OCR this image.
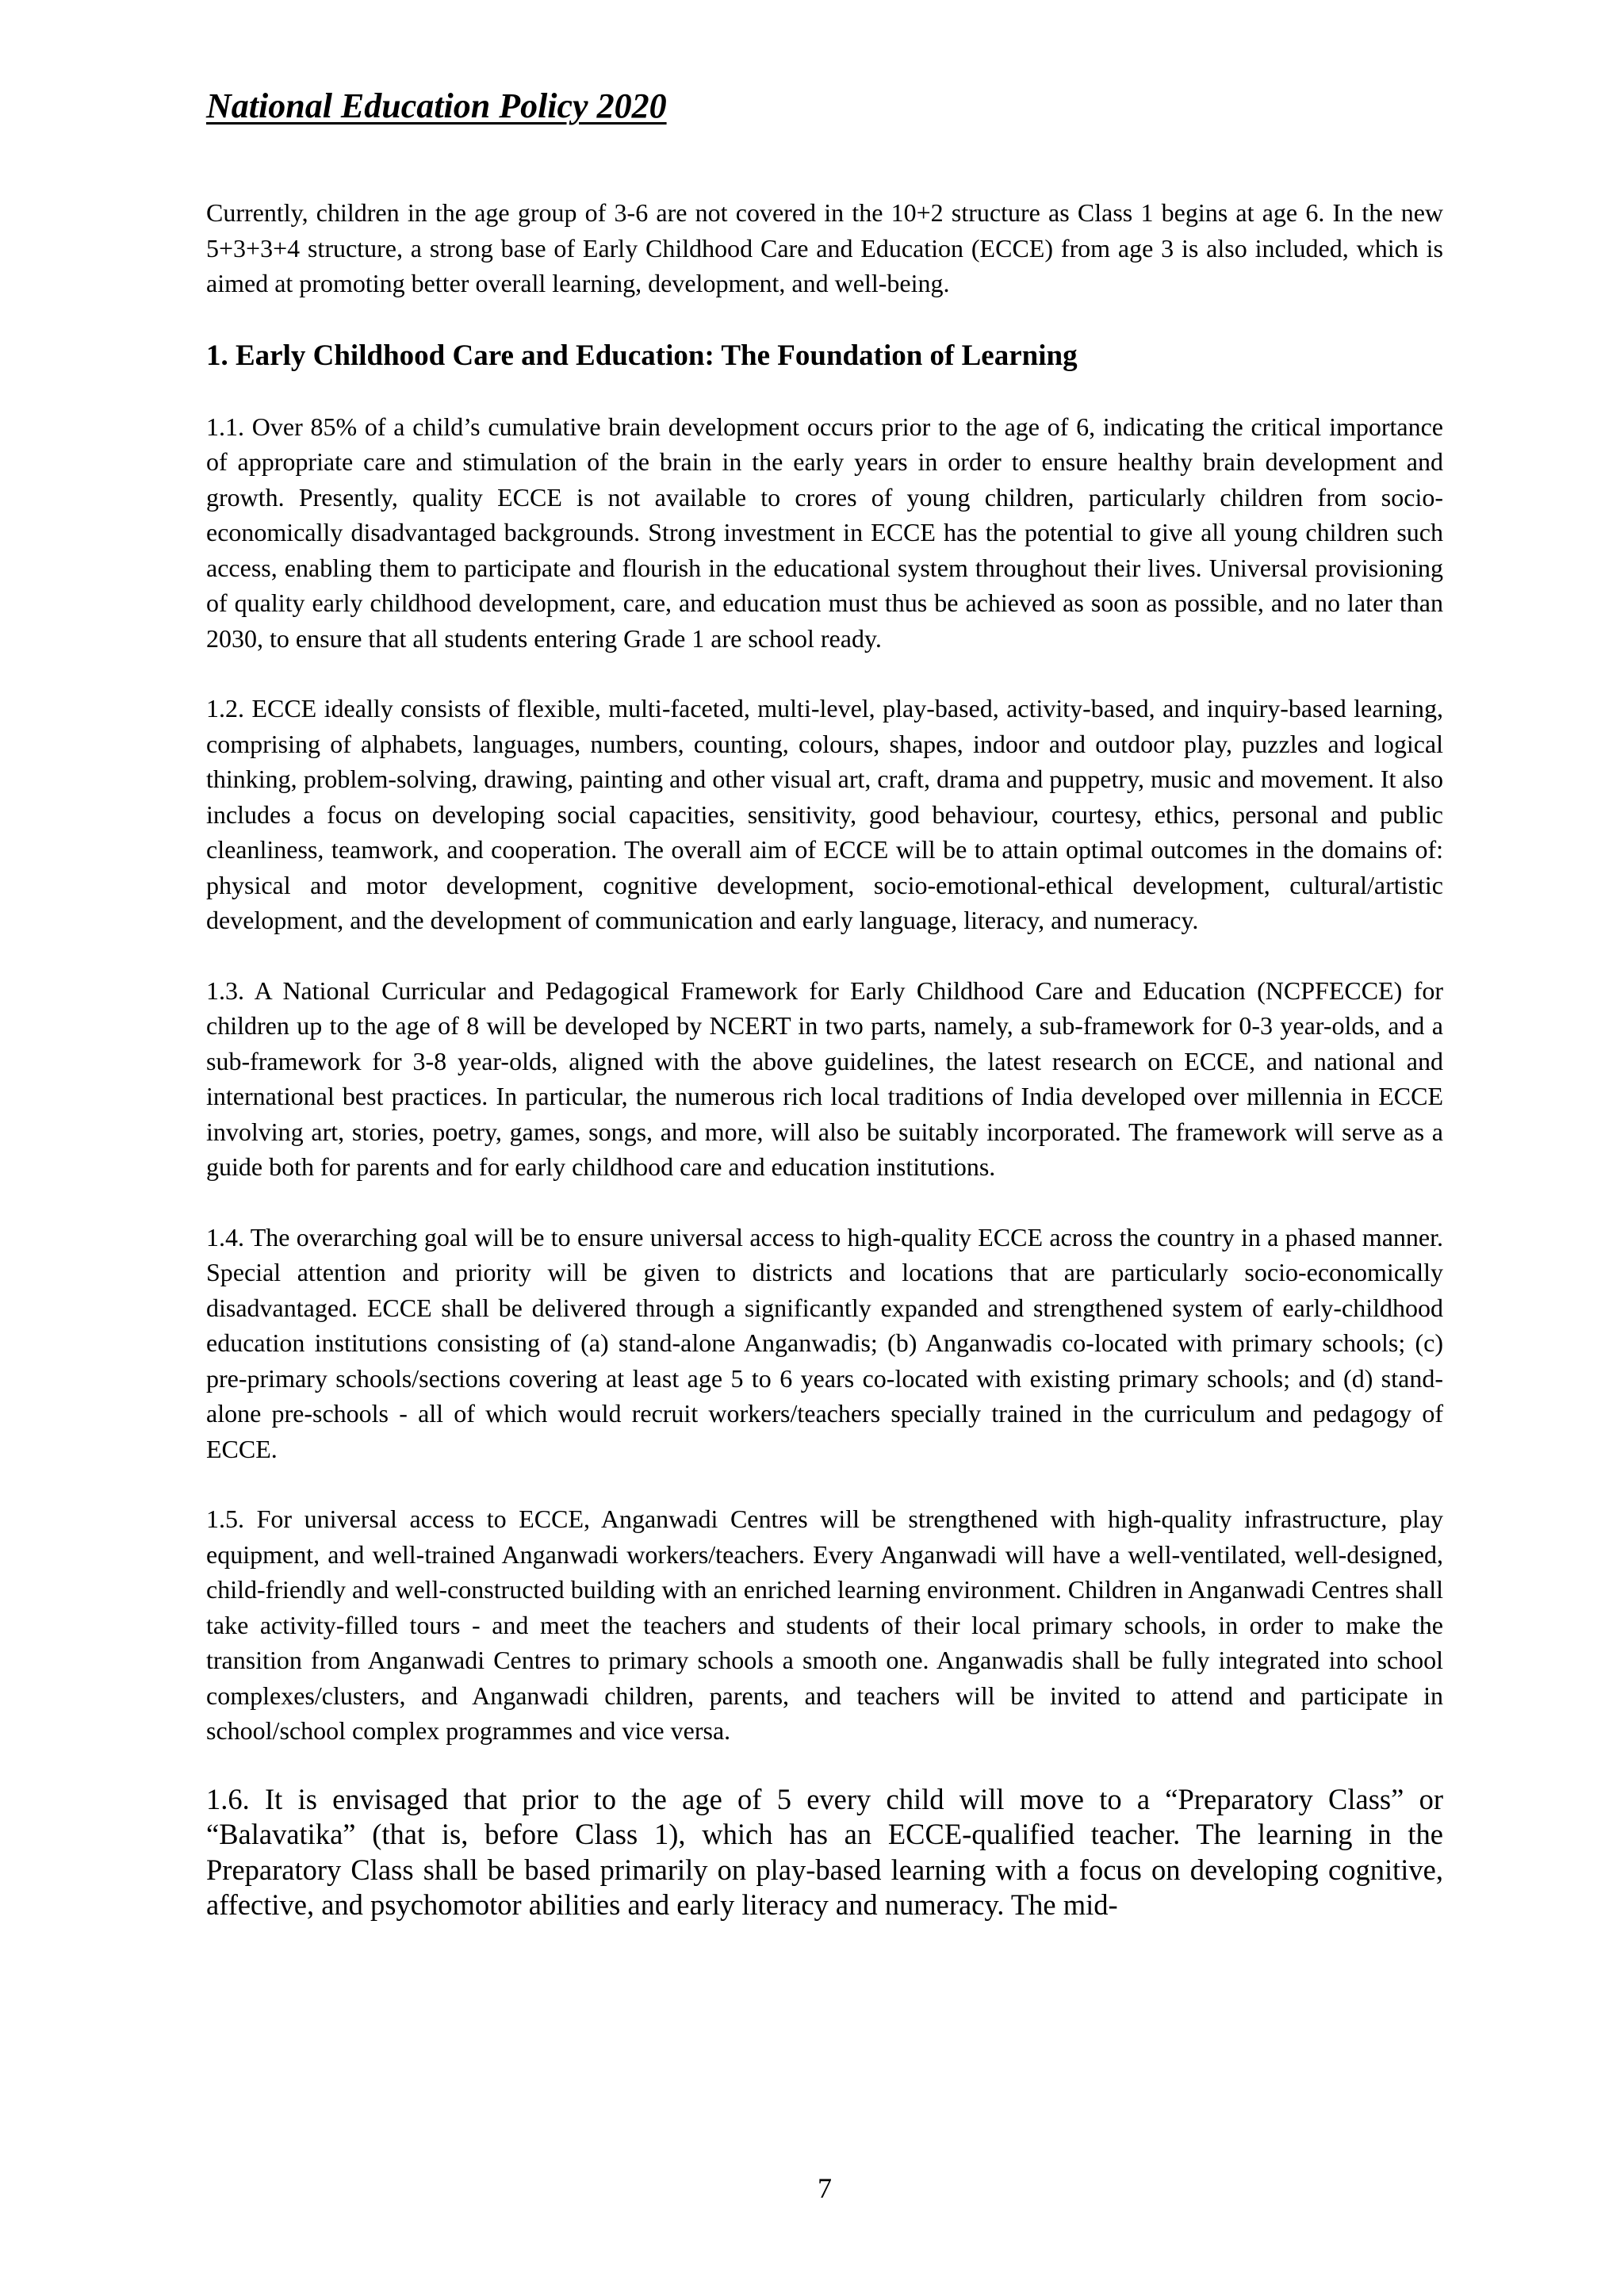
National Education Policy 2020

Currently, children in the age group of 3-6 are not covered in the 10+2 structure as Class 1 begins at age 6. In the new 5+3+3+4 structure, a strong base of Early Childhood Care and Education (ECCE) from age 3 is also included, which is aimed at promoting better overall learning, development, and well-being.

1. Early Childhood Care and Education: The Foundation of Learning

1.1. Over 85% of a child’s cumulative brain development occurs prior to the age of 6, indicating the critical importance of appropriate care and stimulation of the brain in the early years in order to ensure healthy brain development and growth. Presently, quality ECCE is not available to crores of young children, particularly children from socio-economically disadvantaged backgrounds. Strong investment in ECCE has the potential to give all young children such access, enabling them to participate and flourish in the educational system throughout their lives. Universal provisioning of quality early childhood development, care, and education must thus be achieved as soon as possible, and no later than 2030, to ensure that all students entering Grade 1 are school ready.

1.2. ECCE ideally consists of flexible, multi-faceted, multi-level, play-based, activity-based, and inquiry-based learning, comprising of alphabets, languages, numbers, counting, colours, shapes, indoor and outdoor play, puzzles and logical thinking, problem-solving, drawing, painting and other visual art, craft, drama and puppetry, music and movement. It also includes a focus on developing social capacities, sensitivity, good behaviour, courtesy, ethics, personal and public cleanliness, teamwork, and cooperation. The overall aim of ECCE will be to attain optimal outcomes in the domains of: physical and motor development, cognitive development, socio-emotional-ethical development, cultural/artistic development, and the development of communication and early language, literacy, and numeracy.

1.3. A National Curricular and Pedagogical Framework for Early Childhood Care and Education (NCPFECCE) for children up to the age of 8 will be developed by NCERT in two parts, namely, a sub-framework for 0-3 year-olds, and a sub-framework for 3-8 year-olds, aligned with the above guidelines, the latest research on ECCE, and national and international best practices. In particular, the numerous rich local traditions of India developed over millennia in ECCE involving art, stories, poetry, games, songs, and more, will also be suitably incorporated. The framework will serve as a guide both for parents and for early childhood care and education institutions.

1.4. The overarching goal will be to ensure universal access to high-quality ECCE across the country in a phased manner. Special attention and priority will be given to districts and locations that are particularly socio-economically disadvantaged. ECCE shall be delivered through a significantly expanded and strengthened system of early-childhood education institutions consisting of (a) stand-alone Anganwadis; (b) Anganwadis co-located with primary schools; (c) pre-primary schools/sections covering at least age 5 to 6 years co-located with existing primary schools; and (d) stand-alone pre-schools - all of which would recruit workers/teachers specially trained in the curriculum and pedagogy of ECCE.

1.5. For universal access to ECCE, Anganwadi Centres will be strengthened with high-quality infrastructure, play equipment, and well-trained Anganwadi workers/teachers. Every Anganwadi will have a well-ventilated, well-designed, child-friendly and well-constructed building with an enriched learning environment. Children in Anganwadi Centres shall take activity-filled tours - and meet the teachers and students of their local primary schools, in order to make the transition from Anganwadi Centres to primary schools a smooth one. Anganwadis shall be fully integrated into school complexes/clusters, and Anganwadi children, parents, and teachers will be invited to attend and participate in school/school complex programmes and vice versa.

1.6. It is envisaged that prior to the age of 5 every child will move to a “Preparatory Class” or “Balavatika” (that is, before Class 1), which has an ECCE-qualified teacher. The learning in the Preparatory Class shall be based primarily on play-based learning with a focus on developing cognitive, affective, and psychomotor abilities and early literacy and numeracy. The mid-

7
